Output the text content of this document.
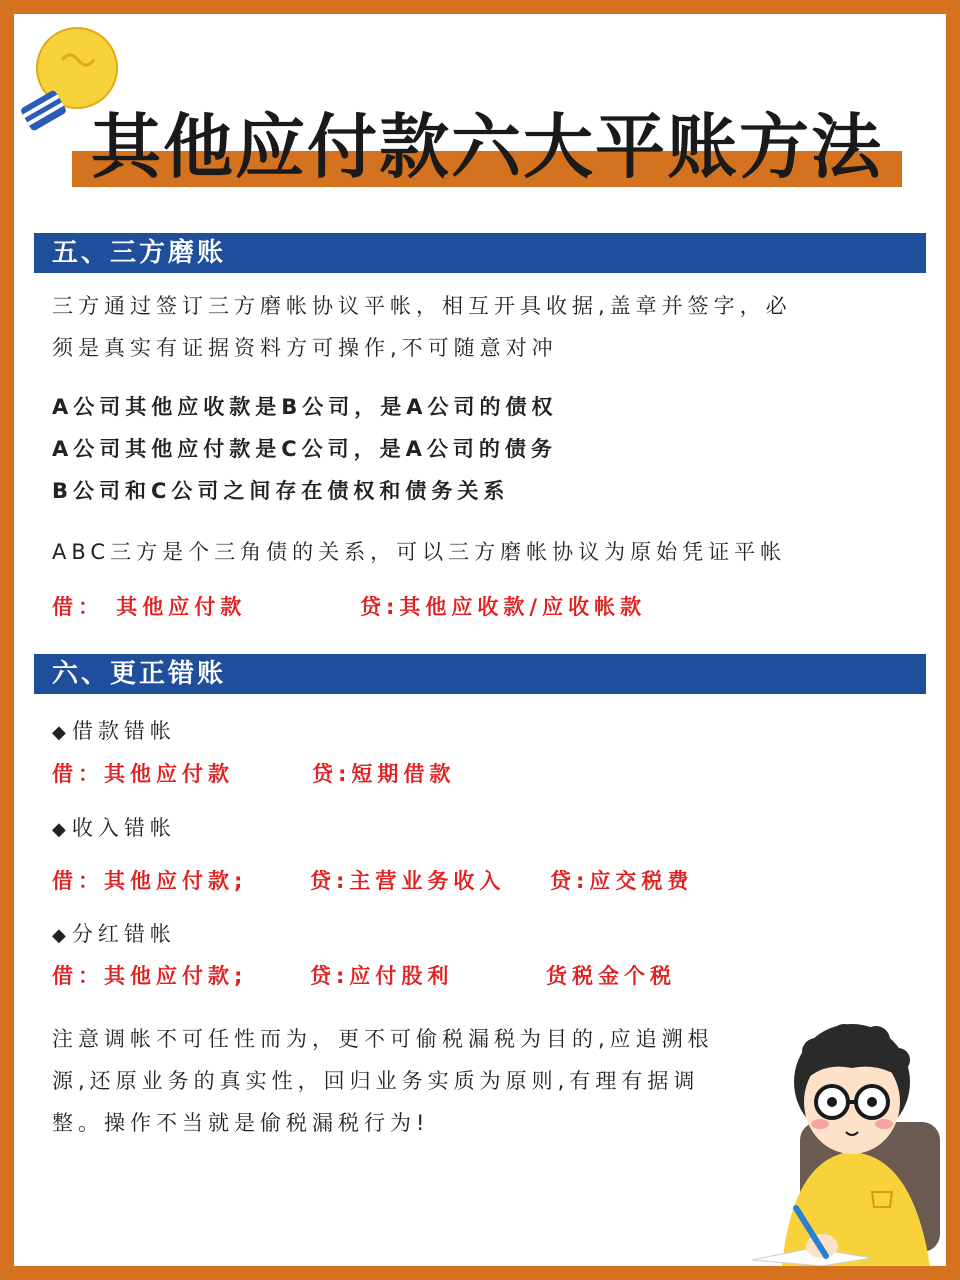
其他应付款六大平账方法
五、三方磨账
三方通过签订三方磨帐协议平帐，相互开具收据,盖章并签字，必
须是真实有证据资料方可操作,不可随意对冲
A公司其他应收款是B公司，是A公司的债权
A公司其他应付款是C公司，是A公司的债务
B公司和C公司之间存在债权和债务关系
ABC三方是个三角债的关系，可以三方磨帐协议为原始凭证平帐
借： 其他应付款	贷:其他应收款/应收帐款
六、更正错账
◆ 借款错帐
借：其他应付款	贷:短期借款
◆ 收入错帐
借：其他应付款;	贷:主营业务收入 贷:应交税费
◆ 分红错帐
借：其他应付款;	贷:应付股利	货税金个税
注意调帐不可任性而为，更不可偷税漏税为目的,应追溯根
源,还原业务的真实性，回归业务实质为原则,有理有据调
整。操作不当就是偷税漏税行为!
